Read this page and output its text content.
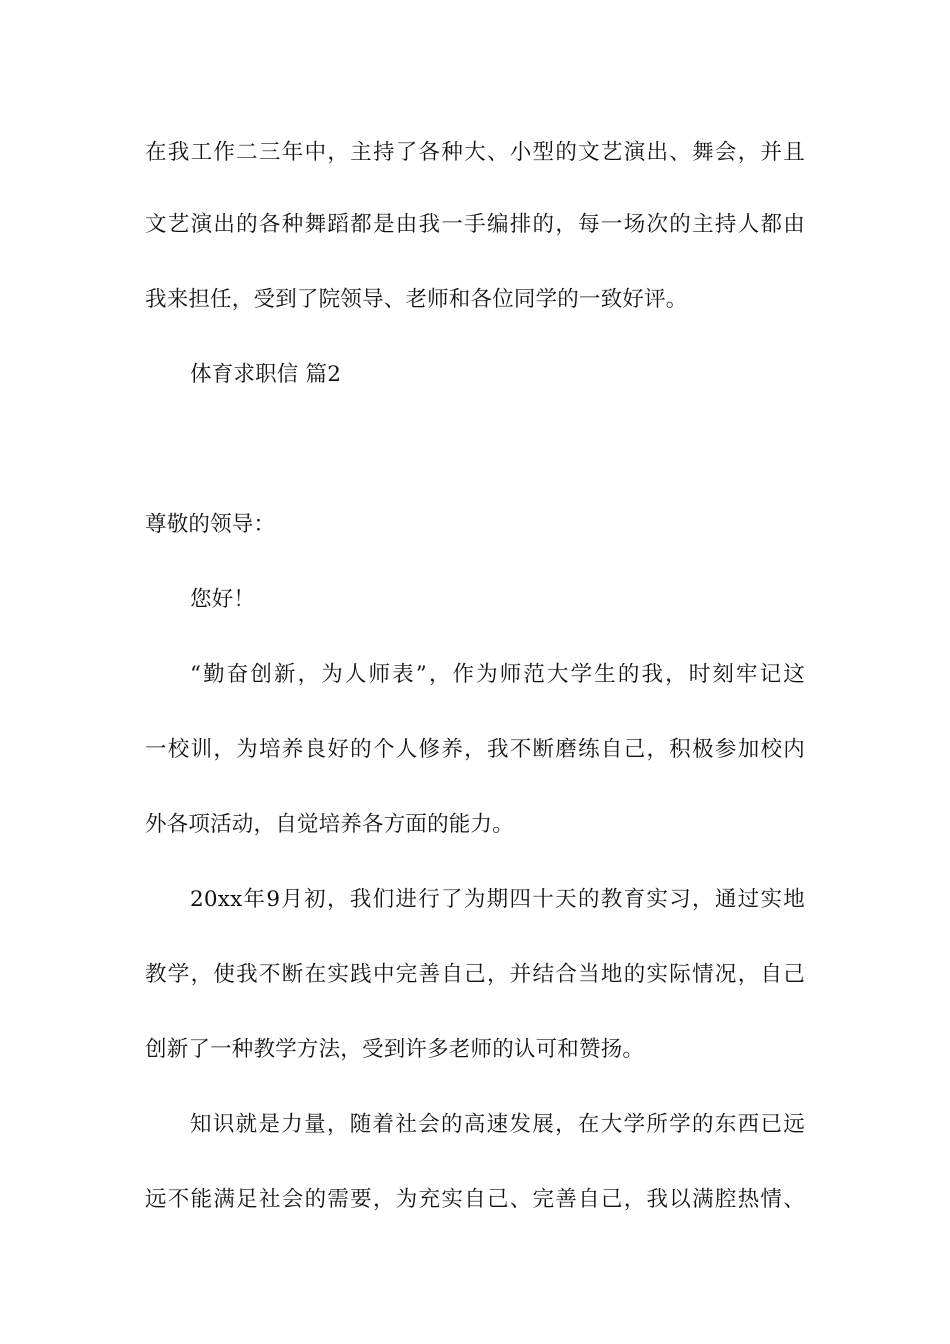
在我工作二三年中，主持了各种大、小型的文艺演出、舞会，并且
文艺演出的各种舞蹈都是由我一手编排的，每一场次的主持人都由
我来担任，受到了院领导、老师和各位同学的一致好评。
体育求职信 篇2
尊敬的领导：
您好！
“勤奋创新，为人师表”，作为师范大学生的我，时刻牢记这
一校训，为培养良好的个人修养，我不断磨练自己，积极参加校内
外各项活动，自觉培养各方面的能力。
20xx年9月初，我们进行了为期四十天的教育实习，通过实地
教学，使我不断在实践中完善自己，并结合当地的实际情况，自己
创新了一种教学方法，受到许多老师的认可和赞扬。
知识就是力量，随着社会的高速发展，在大学所学的东西已远
远不能满足社会的需要，为充实自己、完善自己，我以满腔热情、
